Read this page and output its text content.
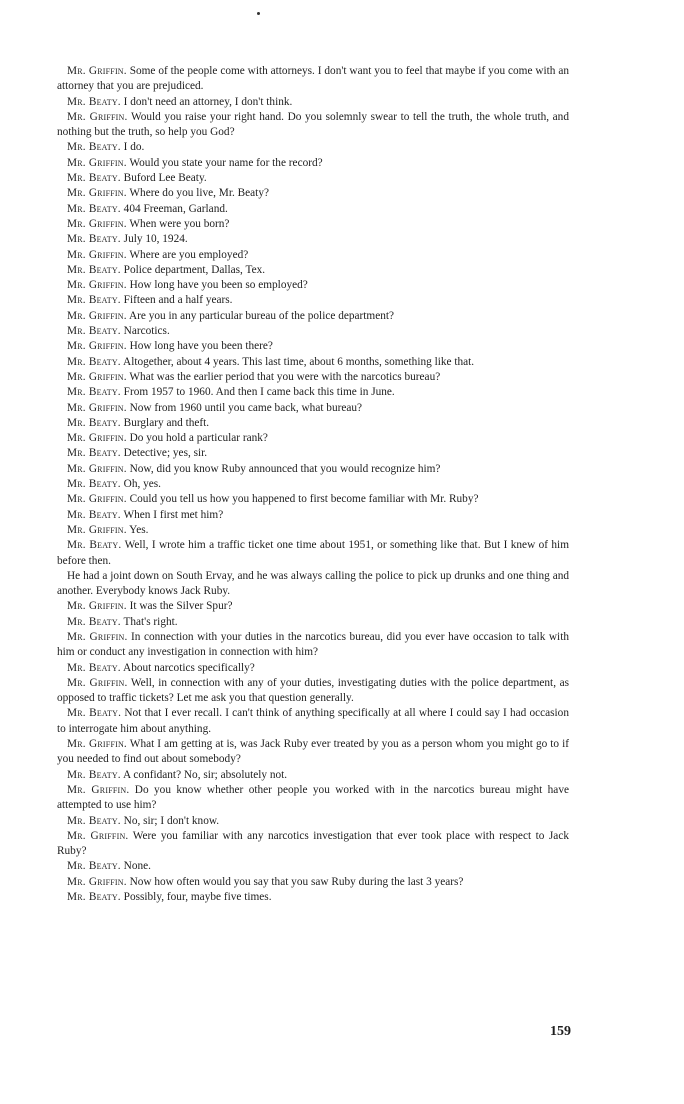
Mr. Griffin. Some of the people come with attorneys. I don't want you to feel that maybe if you come with an attorney that you are prejudiced.

Mr. Beaty. I don't need an attorney, I don't think.

Mr. Griffin. Would you raise your right hand. Do you solemnly swear to tell the truth, the whole truth, and nothing but the truth, so help you God?

Mr. Beaty. I do.

Mr. Griffin. Would you state your name for the record?

Mr. Beaty. Buford Lee Beaty.

Mr. Griffin. Where do you live, Mr. Beaty?

Mr. Beaty. 404 Freeman, Garland.

Mr. Griffin. When were you born?

Mr. Beaty. July 10, 1924.

Mr. Griffin. Where are you employed?

Mr. Beaty. Police department, Dallas, Tex.

Mr. Griffin. How long have you been so employed?

Mr. Beaty. Fifteen and a half years.

Mr. Griffin. Are you in any particular bureau of the police department?

Mr. Beaty. Narcotics.

Mr. Griffin. How long have you been there?

Mr. Beaty. Altogether, about 4 years. This last time, about 6 months, something like that.

Mr. Griffin. What was the earlier period that you were with the narcotics bureau?

Mr. Beaty. From 1957 to 1960. And then I came back this time in June.

Mr. Griffin. Now from 1960 until you came back, what bureau?

Mr. Beaty. Burglary and theft.

Mr. Griffin. Do you hold a particular rank?

Mr. Beaty. Detective; yes, sir.

Mr. Griffin. Now, did you know Ruby announced that you would recognize him?

Mr. Beaty. Oh, yes.

Mr. Griffin. Could you tell us how you happened to first become familiar with Mr. Ruby?

Mr. Beaty. When I first met him?

Mr. Griffin. Yes.

Mr. Beaty. Well, I wrote him a traffic ticket one time about 1951, or something like that. But I knew of him before then.

He had a joint down on South Ervay, and he was always calling the police to pick up drunks and one thing and another. Everybody knows Jack Ruby.

Mr. Griffin. It was the Silver Spur?

Mr. Beaty. That's right.

Mr. Griffin. In connection with your duties in the narcotics bureau, did you ever have occasion to talk with him or conduct any investigation in connection with him?

Mr. Beaty. About narcotics specifically?

Mr. Griffin. Well, in connection with any of your duties, investigating duties with the police department, as opposed to traffic tickets? Let me ask you that question generally.

Mr. Beaty. Not that I ever recall. I can't think of anything specifically at all where I could say I had occasion to interrogate him about anything.

Mr. Griffin. What I am getting at is, was Jack Ruby ever treated by you as a person whom you might go to if you needed to find out about somebody?

Mr. Beaty. A confidant? No, sir; absolutely not.

Mr. Griffin. Do you know whether other people you worked with in the narcotics bureau might have attempted to use him?

Mr. Beaty. No, sir; I don't know.

Mr. Griffin. Were you familiar with any narcotics investigation that ever took place with respect to Jack Ruby?

Mr. Beaty. None.

Mr. Griffin. Now how often would you say that you saw Ruby during the last 3 years?

Mr. Beaty. Possibly, four, maybe five times.

159
